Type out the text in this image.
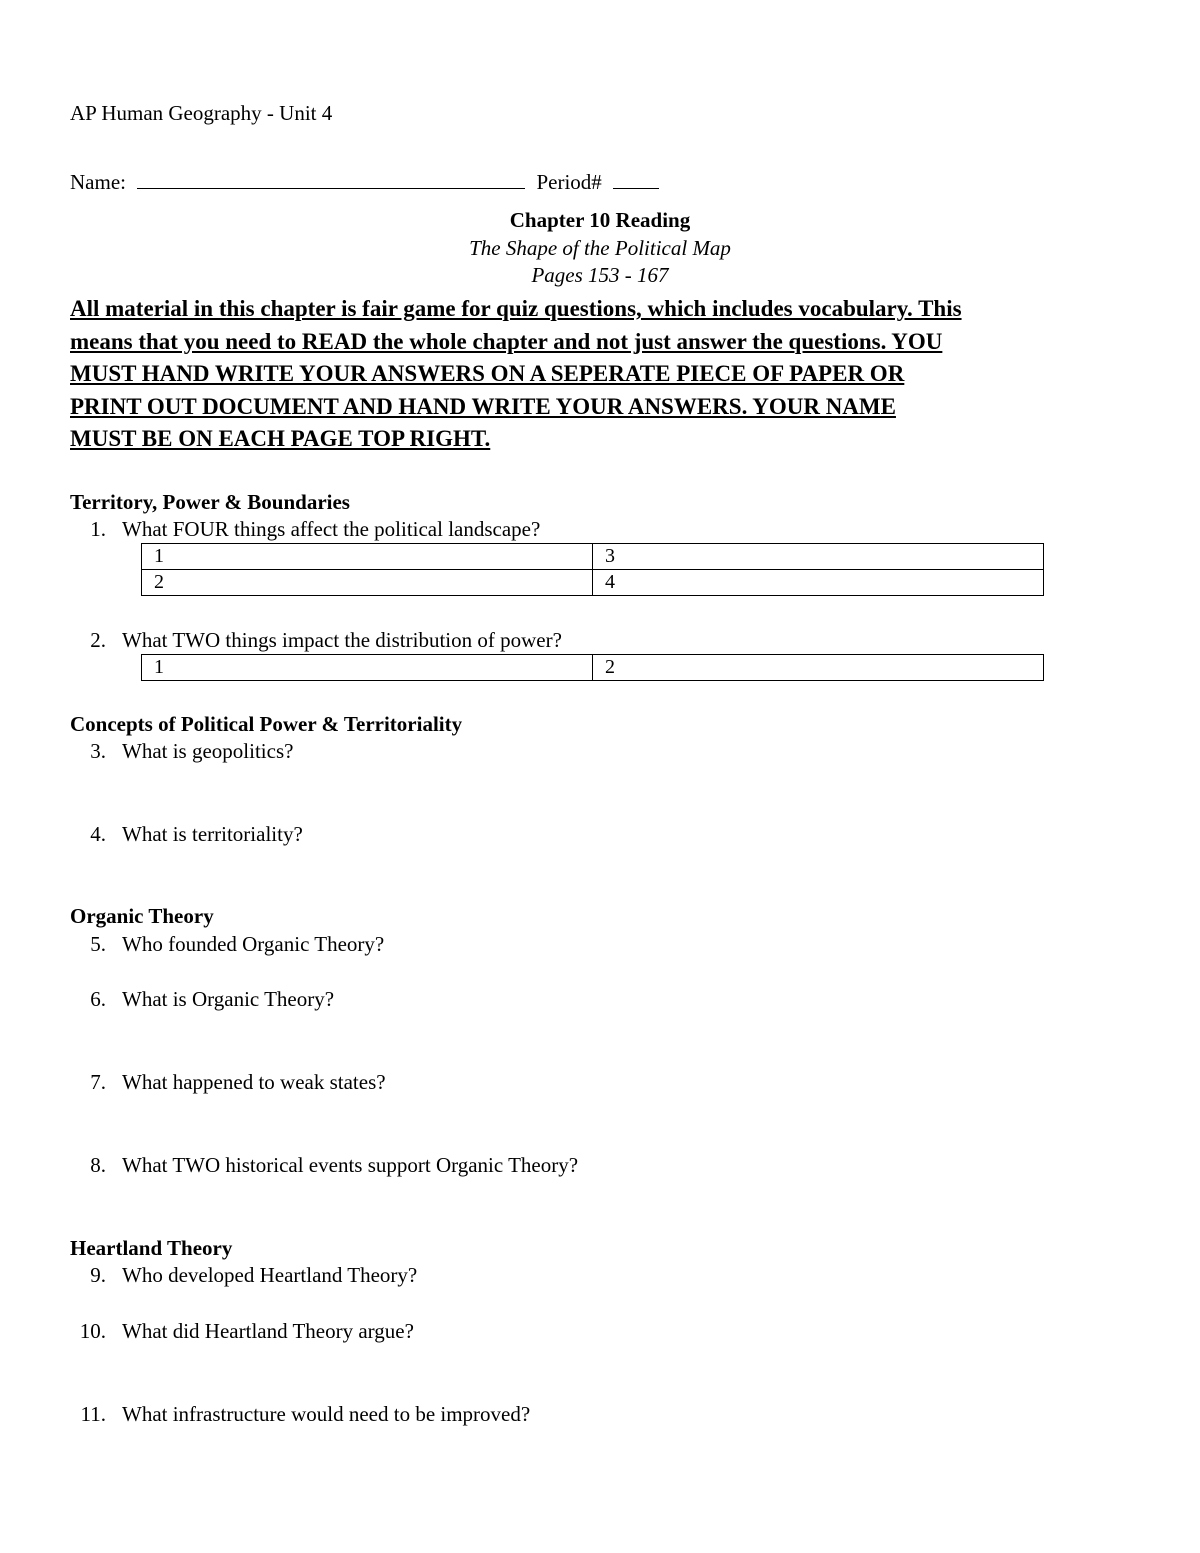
AP Human Geography - Unit 4
Name:	Period#
Chapter 10 Reading
The Shape of the Political Map
Pages 153 - 167
All material in this chapter is fair game for quiz questions, which includes vocabulary. This
means that you need to READ the whole chapter and not just answer the questions. YOU
MUST HAND WRITE YOUR ANSWERS ON A SEPERATE PIECE OF PAPER OR
PRINT OUT DOCUMENT AND HAND WRITE YOUR ANSWERS. YOUR NAME
MUST BE ON EACH PAGE TOP RIGHT.
Territory, Power & Boundaries
1. What FOUR things affect the political landscape?
1	3
2	4
2. What TWO things impact the distribution of power?
1	2
Concepts of Political Power & Territoriality
3. What is geopolitics?
4. What is territoriality?
Organic Theory
5. Who founded Organic Theory?
6. What is Organic Theory?
7. What happened to weak states?
8. What TWO historical events support Organic Theory?
Heartland Theory
9. Who developed Heartland Theory?
10. What did Heartland Theory argue?
11. What infrastructure would need to be improved?
